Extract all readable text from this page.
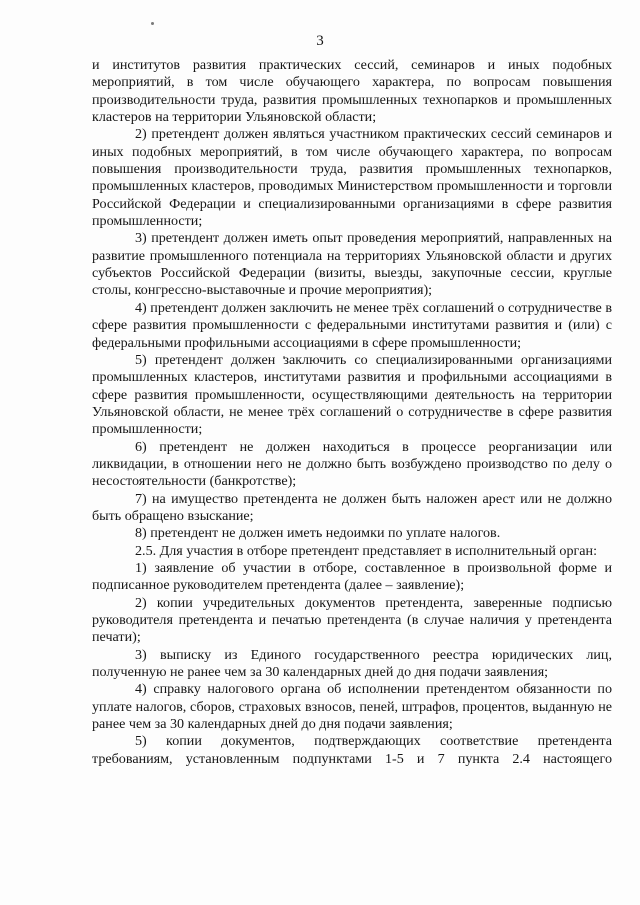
3

и институтов развития практических сессий, семинаров и иных подобных мероприятий, в том числе обучающего характера, по вопросам повышения производительности труда, развития промышленных технопарков и промышленных кластеров на территории Ульяновской области;

2) претендент должен являться участником практических сессий семинаров и иных подобных мероприятий, в том числе обучающего характера, по вопросам повышения производительности труда, развития промышленных технопарков, промышленных кластеров, проводимых Министерством промышленности и торговли Российской Федерации и специализированными организациями в сфере развития промышленности;

3) претендент должен иметь опыт проведения мероприятий, направленных на развитие промышленного потенциала на территориях Ульяновской области и других субъектов Российской Федерации (визиты, выезды, закупочные сессии, круглые столы, конгрессно-выставочные и прочие мероприятия);

4) претендент должен заключить не менее трёх соглашений о сотрудничестве в сфере развития промышленности с федеральными институтами развития и (или) с федеральными профильными ассоциациями в сфере промышленности;

5) претендент должен заключить со специализированными организациями промышленных кластеров, институтами развития и профильными ассоциациями в сфере развития промышленности, осуществляющими деятельность на территории Ульяновской области, не менее трёх соглашений о сотрудничестве в сфере развития промышленности;

6) претендент не должен находиться в процессе реорганизации или ликвидации, в отношении него не должно быть возбуждено производство по делу о несостоятельности (банкротстве);

7) на имущество претендента не должен быть наложен арест или не должно быть обращено взыскание;

8) претендент не должен иметь недоимки по уплате налогов.

2.5. Для участия в отборе претендент представляет в исполнительный орган:

1) заявление об участии в отборе, составленное в произвольной форме и подписанное руководителем претендента (далее – заявление);

2) копии учредительных документов претендента, заверенные подписью руководителя претендента и печатью претендента (в случае наличия у претендента печати);

3) выписку из Единого государственного реестра юридических лиц, полученную не ранее чем за 30 календарных дней до дня подачи заявления;

4) справку налогового органа об исполнении претендентом обязанности по уплате налогов, сборов, страховых взносов, пеней, штрафов, процентов, выданную не ранее чем за 30 календарных дней до дня подачи заявления;

5) копии документов, подтверждающих соответствие претендента требованиям, установленным подпунктами 1-5 и 7 пункта 2.4 настоящего
